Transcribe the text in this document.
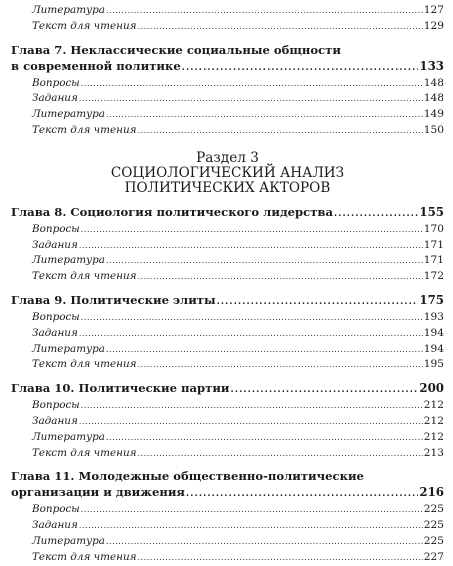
Литература . . .	127
Текст для чтения . . .	129
Глава 7. Неклассические социальные общности
в современной политике . . .	133
Вопросы . . .	148
Задания . . .	148
Литература . . .	149
Текст для чтения . . .	150
Раздел 3
СОЦИОЛОГИЧЕСКИЙ АНАЛИЗ
ПОЛИТИЧЕСКИХ АКТОРОВ
Глава 8. Социология политического лидерства . . .	155
Вопросы . . .	170
Задания . . .	171
Литература . . .	171
Текст для чтения . . .	172
Глава 9. Политические элиты . . .	175
Вопросы . . .	193
Задания . . .	194
Литература . . .	194
Текст для чтения . . .	195
Глава 10. Политические партии . . .	200
Вопросы . . .	212
Задания . . .	212
Литература . . .	212
Текст для чтения . . .	213
Глава 11. Молодежные общественно-политические
организации и движения . . .	216
Вопросы . . .	225
Задания . . .	225
Литература . . .	225
Текст для чтения . . .	227
